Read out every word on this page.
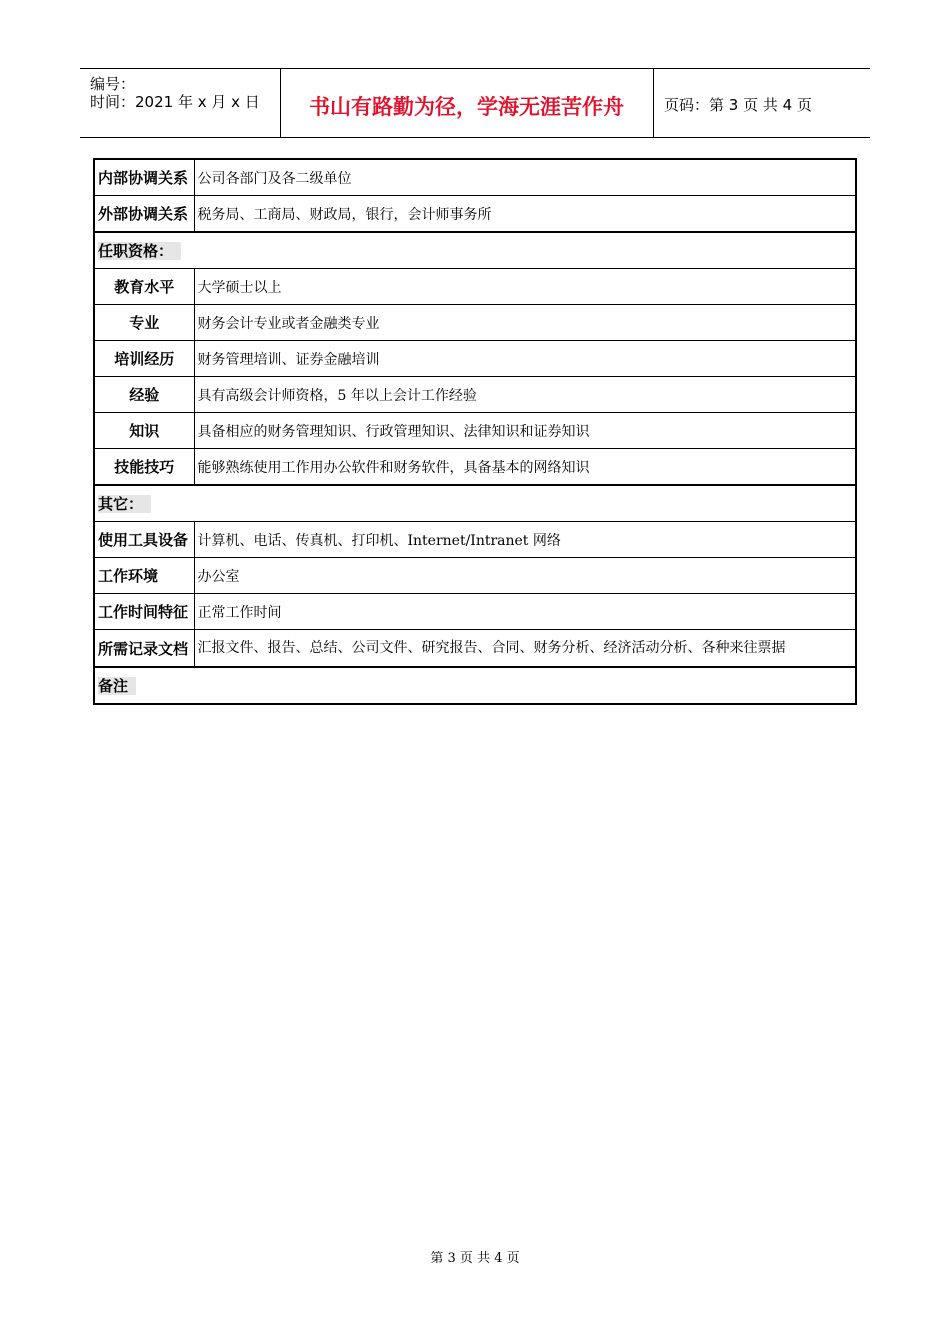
编号：
时间：2021 年 x 月 x 日	书山有路勤为径，学海无涯苦作舟	页码：第 3 页 共 4 页
内部协调关系	公司各部门及各二级单位
外部协调关系	税务局、工商局、财政局，银行，会计师事务所
任职资格：	
教育水平	大学硕士以上
专业	财务会计专业或者金融类专业
培训经历	财务管理培训、证券金融培训
经验	具有高级会计师资格，5 年以上会计工作经验
知识	具备相应的财务管理知识、行政管理知识、法律知识和证券知识
技能技巧	能够熟练使用工作用办公软件和财务软件，具备基本的网络知识
其它：	
使用工具设备	计算机、电话、传真机、打印机、Internet/Intranet 网络
工作环境	办公室
工作时间特征	正常工作时间
所需记录文档	汇报文件、报告、总结、公司文件、研究报告、合同、财务分析、经济活动分析、各种来往票据
备注	
第 3 页 共 4 页
